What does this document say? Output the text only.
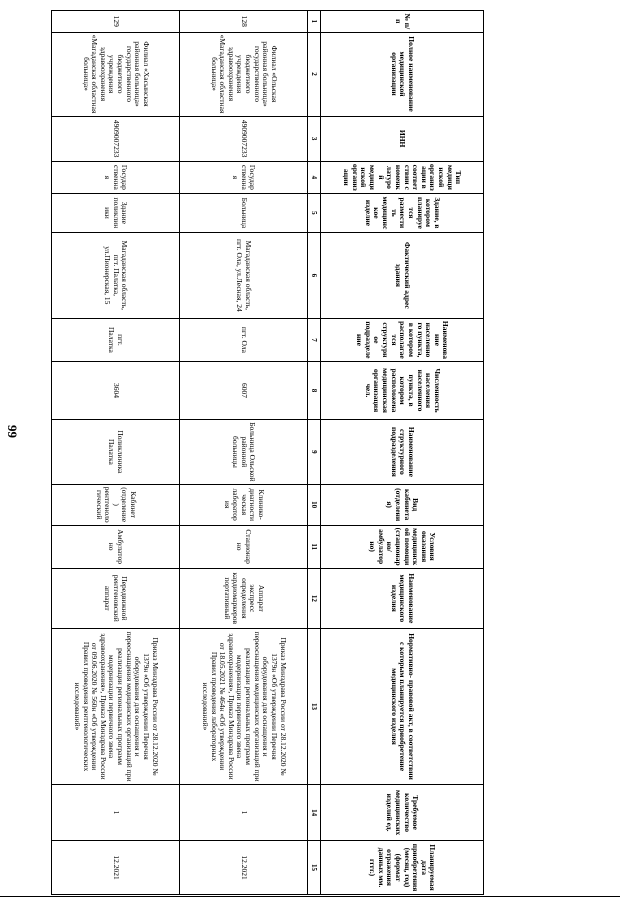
99
№ п/п	Полное наименование медицинской организации	ИНН	Тип медицинской организации в соответствии с номенклатурой медицинской организации	Здание, в котором планируется разместить медицинское изделие	Фактический адрес здания	Наименование населенного пункта, в котором располагается структурное подразделение	Численность населения населенного пункта, в котором расположена медицинская организация чел.	Наименование структурного подразделения	Вид кабинета (отделения)	Условия оказания медицинской помощи (стационарно/амбулаторно)	Наименование медицинского изделия	Нормативно- правовой акт, в соответствии с которым планируется приобретение медицинского изделия	Требуемое количество медицинских изделий ед.	Планируемая дата приобретения (месяц, год) (формат отражения данных мм. гггг.)
1	2	3	4	5	6	7	8	9	10	11	12	13	14	15
128	Филиал «Ольская районная больница» государственного бюджетного учреждения здравоохранения «Магаданская областная больница»	4909007233	Государственная	Больница	Магаданская область, пгт. Ола, ул.Лесная, 24	пгт. Ола	6007	Больница Ольской районной больницы	Клинико-диагностическая лаборатория	Стационарно	Аппарат экспресс определения кардиомаркеров портативный	Приказ Минздрава России от 28.12.2020 № 1379н «Об утверждении Перечня оборудования для оснащения и переоснащения медицинских организаций при реализации региональных программ модернизации первичного звена здравоохранения», Приказ Минздрава России от 18.05.2021 № 464н «Об утверждении Правил проведения лабораторных исследований»	1	12.2021
129	Филиал «Хасынская районная больница» государственного бюджетного учреждения здравоохранения «Магаданская областная больница»	4909007233	Государственная	Здание поликлиники	Магаданская область, пгт. Палатка, ул.Пионерская, 15	пгт. Палатка	3604	Поликлиника Палатка	Кабинет (отделение) рентгенологический	Амбулаторно	Передвижной рентгеновский аппарат	Приказ Минздрава России от 28.12.2020 № 1379н «Об утверждении Перечня оборудования для оснащения и переоснащения медицинских организаций при реализации региональных программ модернизации первичного звена здравоохранения», Приказ Минздрава России от 09.06.2020 № 560н «Об утверждении Правил проведения рентгенологических исследований»	1	12.2021
